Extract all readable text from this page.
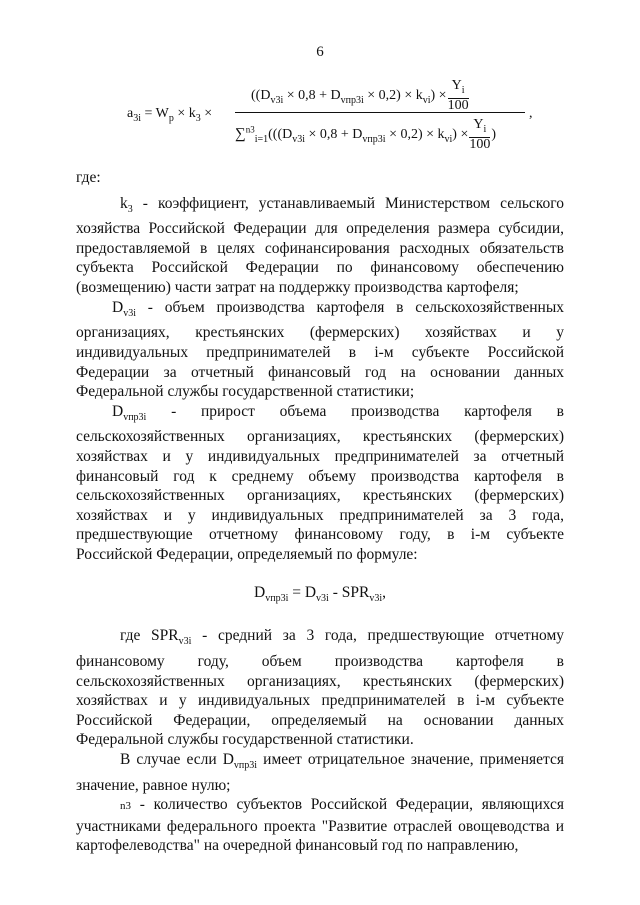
6
$a_{3i} = W_p \times k_3$ ×
$((D_{v3i} \times 0,8 + D_{vпр3i} \times 0,2) \times k_{vi}) \times \frac{Y_i}{100}$
$\sum^{n3}_{i=1}(((D_{v3i} \times 0,8 + D_{vпр3i} \times 0,2) \times k_{vi}) \times \frac{Y_i}{100}$ )
,

где:

$k_3$ - коэффициент, устанавливаемый Министерством сельского хозяйства Российской Федерации для определения размера субсидии, предоставляемой в целях софинансирования расходных обязательств субъекта Российской Федерации по финансовому обеспечению (возмещению) части затрат на поддержку производства картофеля;

$D_{v3i}$ - объем производства картофеля в сельскохозяйственных организациях, крестьянских (фермерских) хозяйствах и у индивидуальных предпринимателей в i-м субъекте Российской Федерации за отчетный финансовый год на основании данных Федеральной службы государственной статистики;

$D_{vпр3i}$ - прирост объема производства картофеля в сельскохозяйственных организациях, крестьянских (фермерских) хозяйствах и у индивидуальных предпринимателей за отчетный финансовый год к среднему объему производства картофеля в сельскохозяйственных организациях, крестьянских (фермерских) хозяйствах и у индивидуальных предпринимателей за 3 года, предшествующие отчетному финансовому году, в i-м субъекте Российской Федерации, определяемый по формуле:

$D_{vпр3i} = D_{v3i} - SPR_{v3i}$,

где $SPR_{v3i}$ - средний за 3 года, предшествующие отчетному финансовому году, объем производства картофеля в сельскохозяйственных организациях, крестьянских (фермерских) хозяйствах и у индивидуальных предпринимателей в i-м субъекте Российской Федерации, определяемый на основании данных Федеральной службы государственной статистики.

В случае если $D_{vпр3i}$ имеет отрицательное значение, применяется значение, равное нулю;

n3 - количество субъектов Российской Федерации, являющихся участниками федерального проекта "Развитие отраслей овощеводства и картофелеводства" на очередной финансовый год по направлению,
